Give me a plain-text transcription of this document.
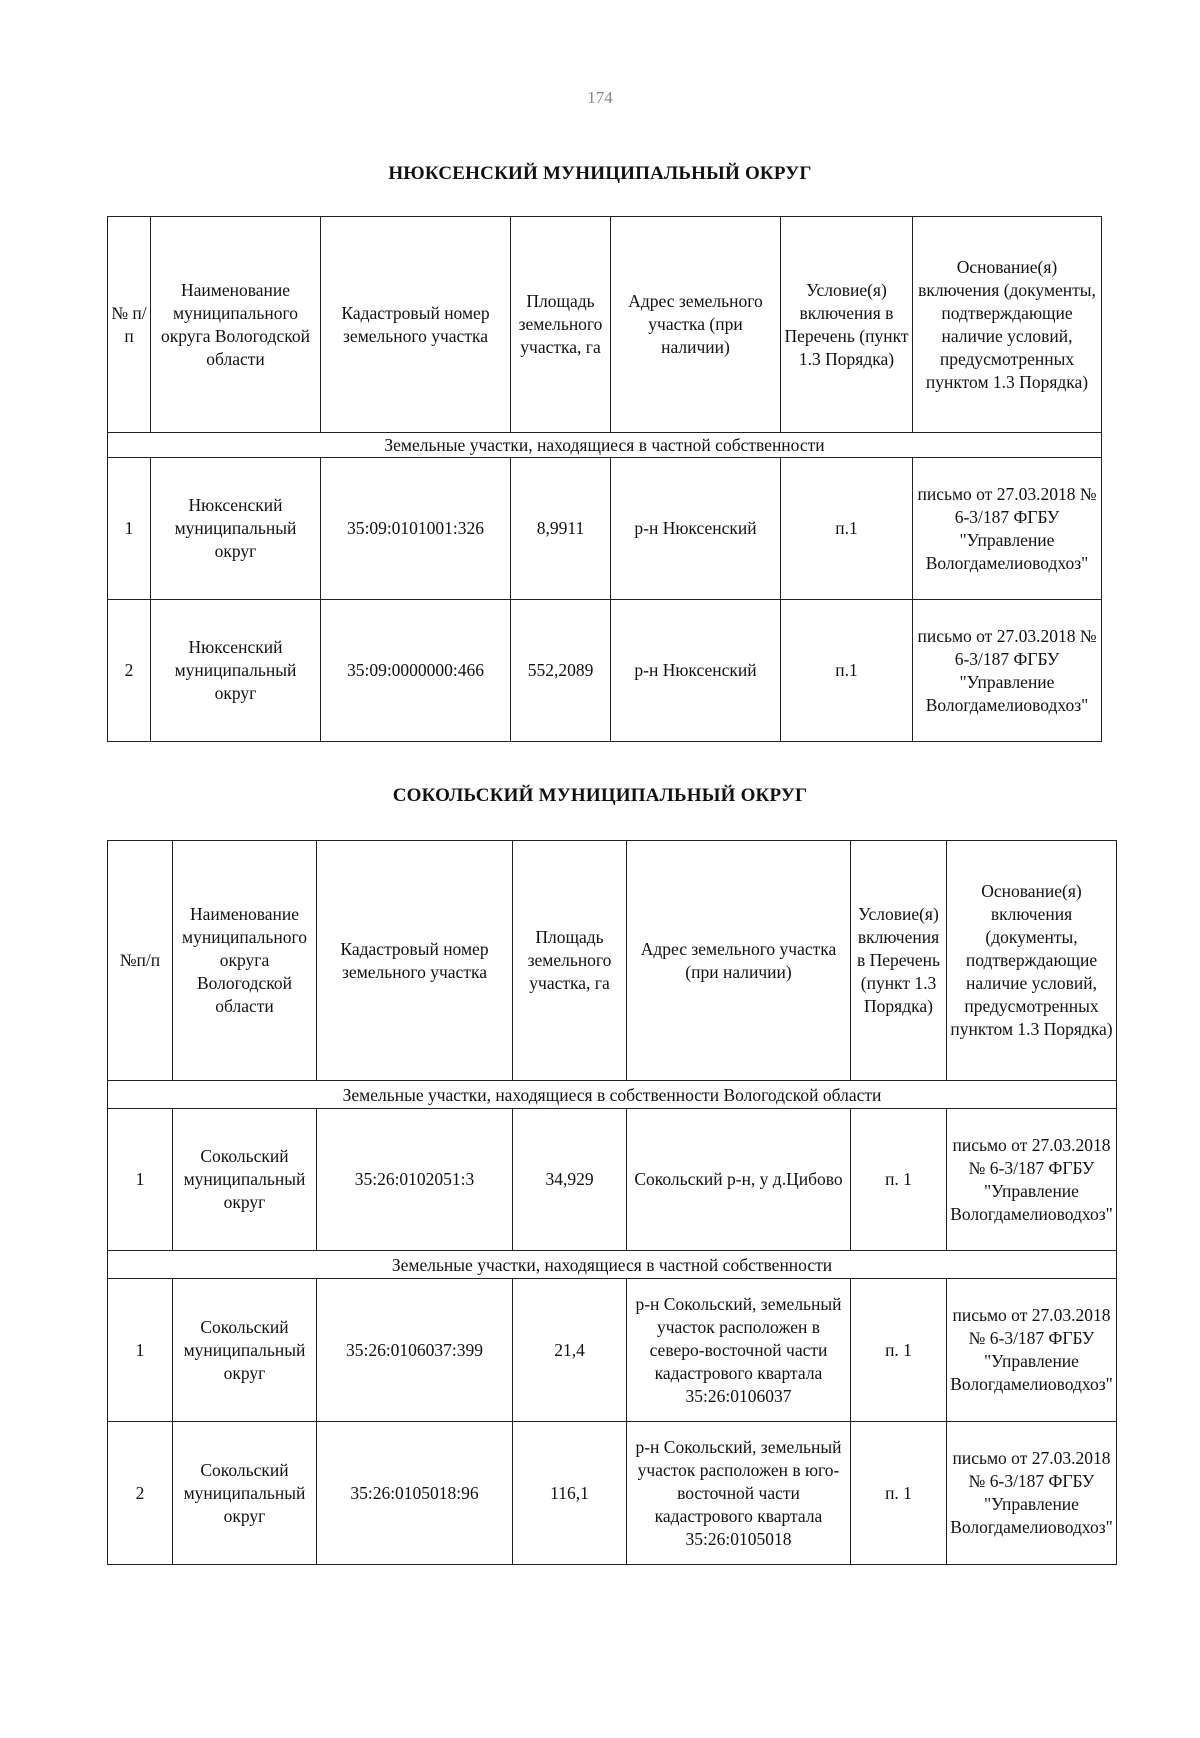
174
НЮКСЕНСКИЙ МУНИЦИПАЛЬНЫЙ ОКРУГ
№ п/п	Наименование муниципального округа Вологодской области	Кадастровый номер земельного участка	Площадь земельного участка, га	Адрес земельного участка (при наличии)	Условие(я) включения в Перечень (пункт 1.3 Порядка)	Основание(я) включения (документы, подтверждающие наличие условий, предусмотренных пунктом 1.3 Порядка)
Земельные участки, находящиеся в частной собственности						
1	Нюксенский муниципальный округ	35:09:0101001:326	8,9911	р-н Нюксенский	п.1	письмо от 27.03.2018 № 6-3/187 ФГБУ "Управление Вологдамелиоводхоз"
2	Нюксенский муниципальный округ	35:09:0000000:466	552,2089	р-н Нюксенский	п.1	письмо от 27.03.2018 № 6-3/187 ФГБУ "Управление Вологдамелиоводхоз"
СОКОЛЬСКИЙ МУНИЦИПАЛЬНЫЙ ОКРУГ
№п/п	Наименование муниципального округа Вологодской области	Кадастровый номер земельного участка	Площадь земельного участка, га	Адрес земельного участка (при наличии)	Условие(я) включения в Перечень (пункт 1.3 Порядка)	Основание(я) включения (документы, подтверждающие наличие условий, предусмотренных пунктом 1.3 Порядка)
Земельные участки, находящиеся в собственности Вологодской области						
1	Сокольский муниципальный округ	35:26:0102051:3	34,929	Сокольский р-н, у д.Цибово	п. 1	письмо от 27.03.2018 № 6-3/187 ФГБУ "Управление Вологдамелиоводхоз"
Земельные участки, находящиеся в частной собственности						
1	Сокольский муниципальный округ	35:26:0106037:399	21,4	р-н Сокольский, земельный участок расположен в северо-восточной части кадастрового квартала 35:26:0106037	п. 1	письмо от 27.03.2018 № 6-3/187 ФГБУ "Управление Вологдамелиоводхоз"
2	Сокольский муниципальный округ	35:26:0105018:96	116,1	р-н Сокольский, земельный участок расположен в юго-восточной части кадастрового квартала 35:26:0105018	п. 1	письмо от 27.03.2018 № 6-3/187 ФГБУ "Управление Вологдамелиоводхоз"
